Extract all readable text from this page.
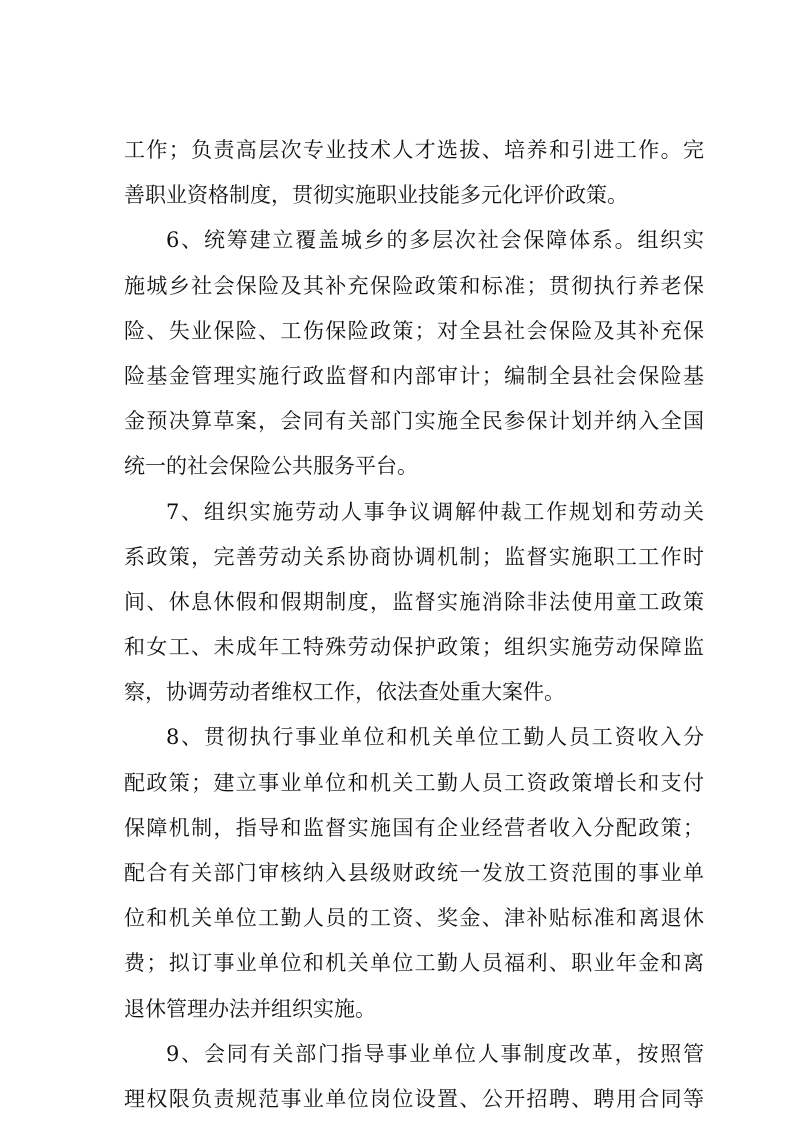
工作；负责高层次专业技术人才选拔、培养和引进工作。完
善职业资格制度，贯彻实施职业技能多元化评价政策。
6、统筹建立覆盖城乡的多层次社会保障体系。组织实
施城乡社会保险及其补充保险政策和标准；贯彻执行养老保
险、失业保险、工伤保险政策；对全县社会保险及其补充保
险基金管理实施行政监督和内部审计；编制全县社会保险基
金预决算草案，会同有关部门实施全民参保计划并纳入全国
统一的社会保险公共服务平台。
7、组织实施劳动人事争议调解仲裁工作规划和劳动关
系政策，完善劳动关系协商协调机制；监督实施职工工作时
间、休息休假和假期制度，监督实施消除非法使用童工政策
和女工、未成年工特殊劳动保护政策；组织实施劳动保障监
察，协调劳动者维权工作，依法查处重大案件。
8、贯彻执行事业单位和机关单位工勤人员工资收入分
配政策；建立事业单位和机关工勤人员工资政策增长和支付
保障机制，指导和监督实施国有企业经营者收入分配政策；
配合有关部门审核纳入县级财政统一发放工资范围的事业单
位和机关单位工勤人员的工资、奖金、津补贴标准和离退休
费；拟订事业单位和机关单位工勤人员福利、职业年金和离
退休管理办法并组织实施。
9、会同有关部门指导事业单位人事制度改革，按照管
理权限负责规范事业单位岗位设置、公开招聘、聘用合同等
